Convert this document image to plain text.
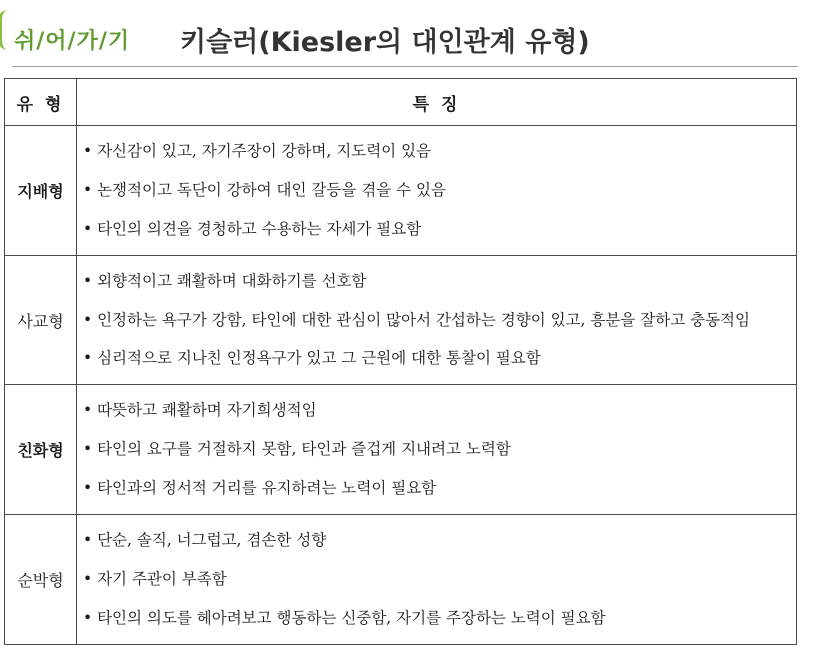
쉬/어/가/기 키슬러(Kiesler의 대인관계 유형)
유 형	특 징
지배형	• 자신감이 있고, 자기주장이 강하며, 지도력이 있음
• 논쟁적이고 독단이 강하여 대인 갈등을 겪을 수 있음
• 타인의 의견을 경청하고 수용하는 자세가 필요함

사교형	• 외향적이고 쾌활하며 대화하기를 선호함
• 인정하는 욕구가 강함, 타인에 대한 관심이 많아서 간섭하는 경향이 있고, 흥분을 잘하고 충동적임
• 심리적으로 지나친 인정욕구가 있고 그 근원에 대한 통찰이 필요함

친화형	• 따뜻하고 쾌활하며 자기희생적임
• 타인의 요구를 거절하지 못함, 타인과 즐겁게 지내려고 노력함
• 타인과의 정서적 거리를 유지하려는 노력이 필요함

순박형	• 단순, 솔직, 너그럽고, 겸손한 성향
• 자기 주관이 부족함
• 타인의 의도를 헤아려보고 행동하는 신중함, 자기를 주장하는 노력이 필요함
